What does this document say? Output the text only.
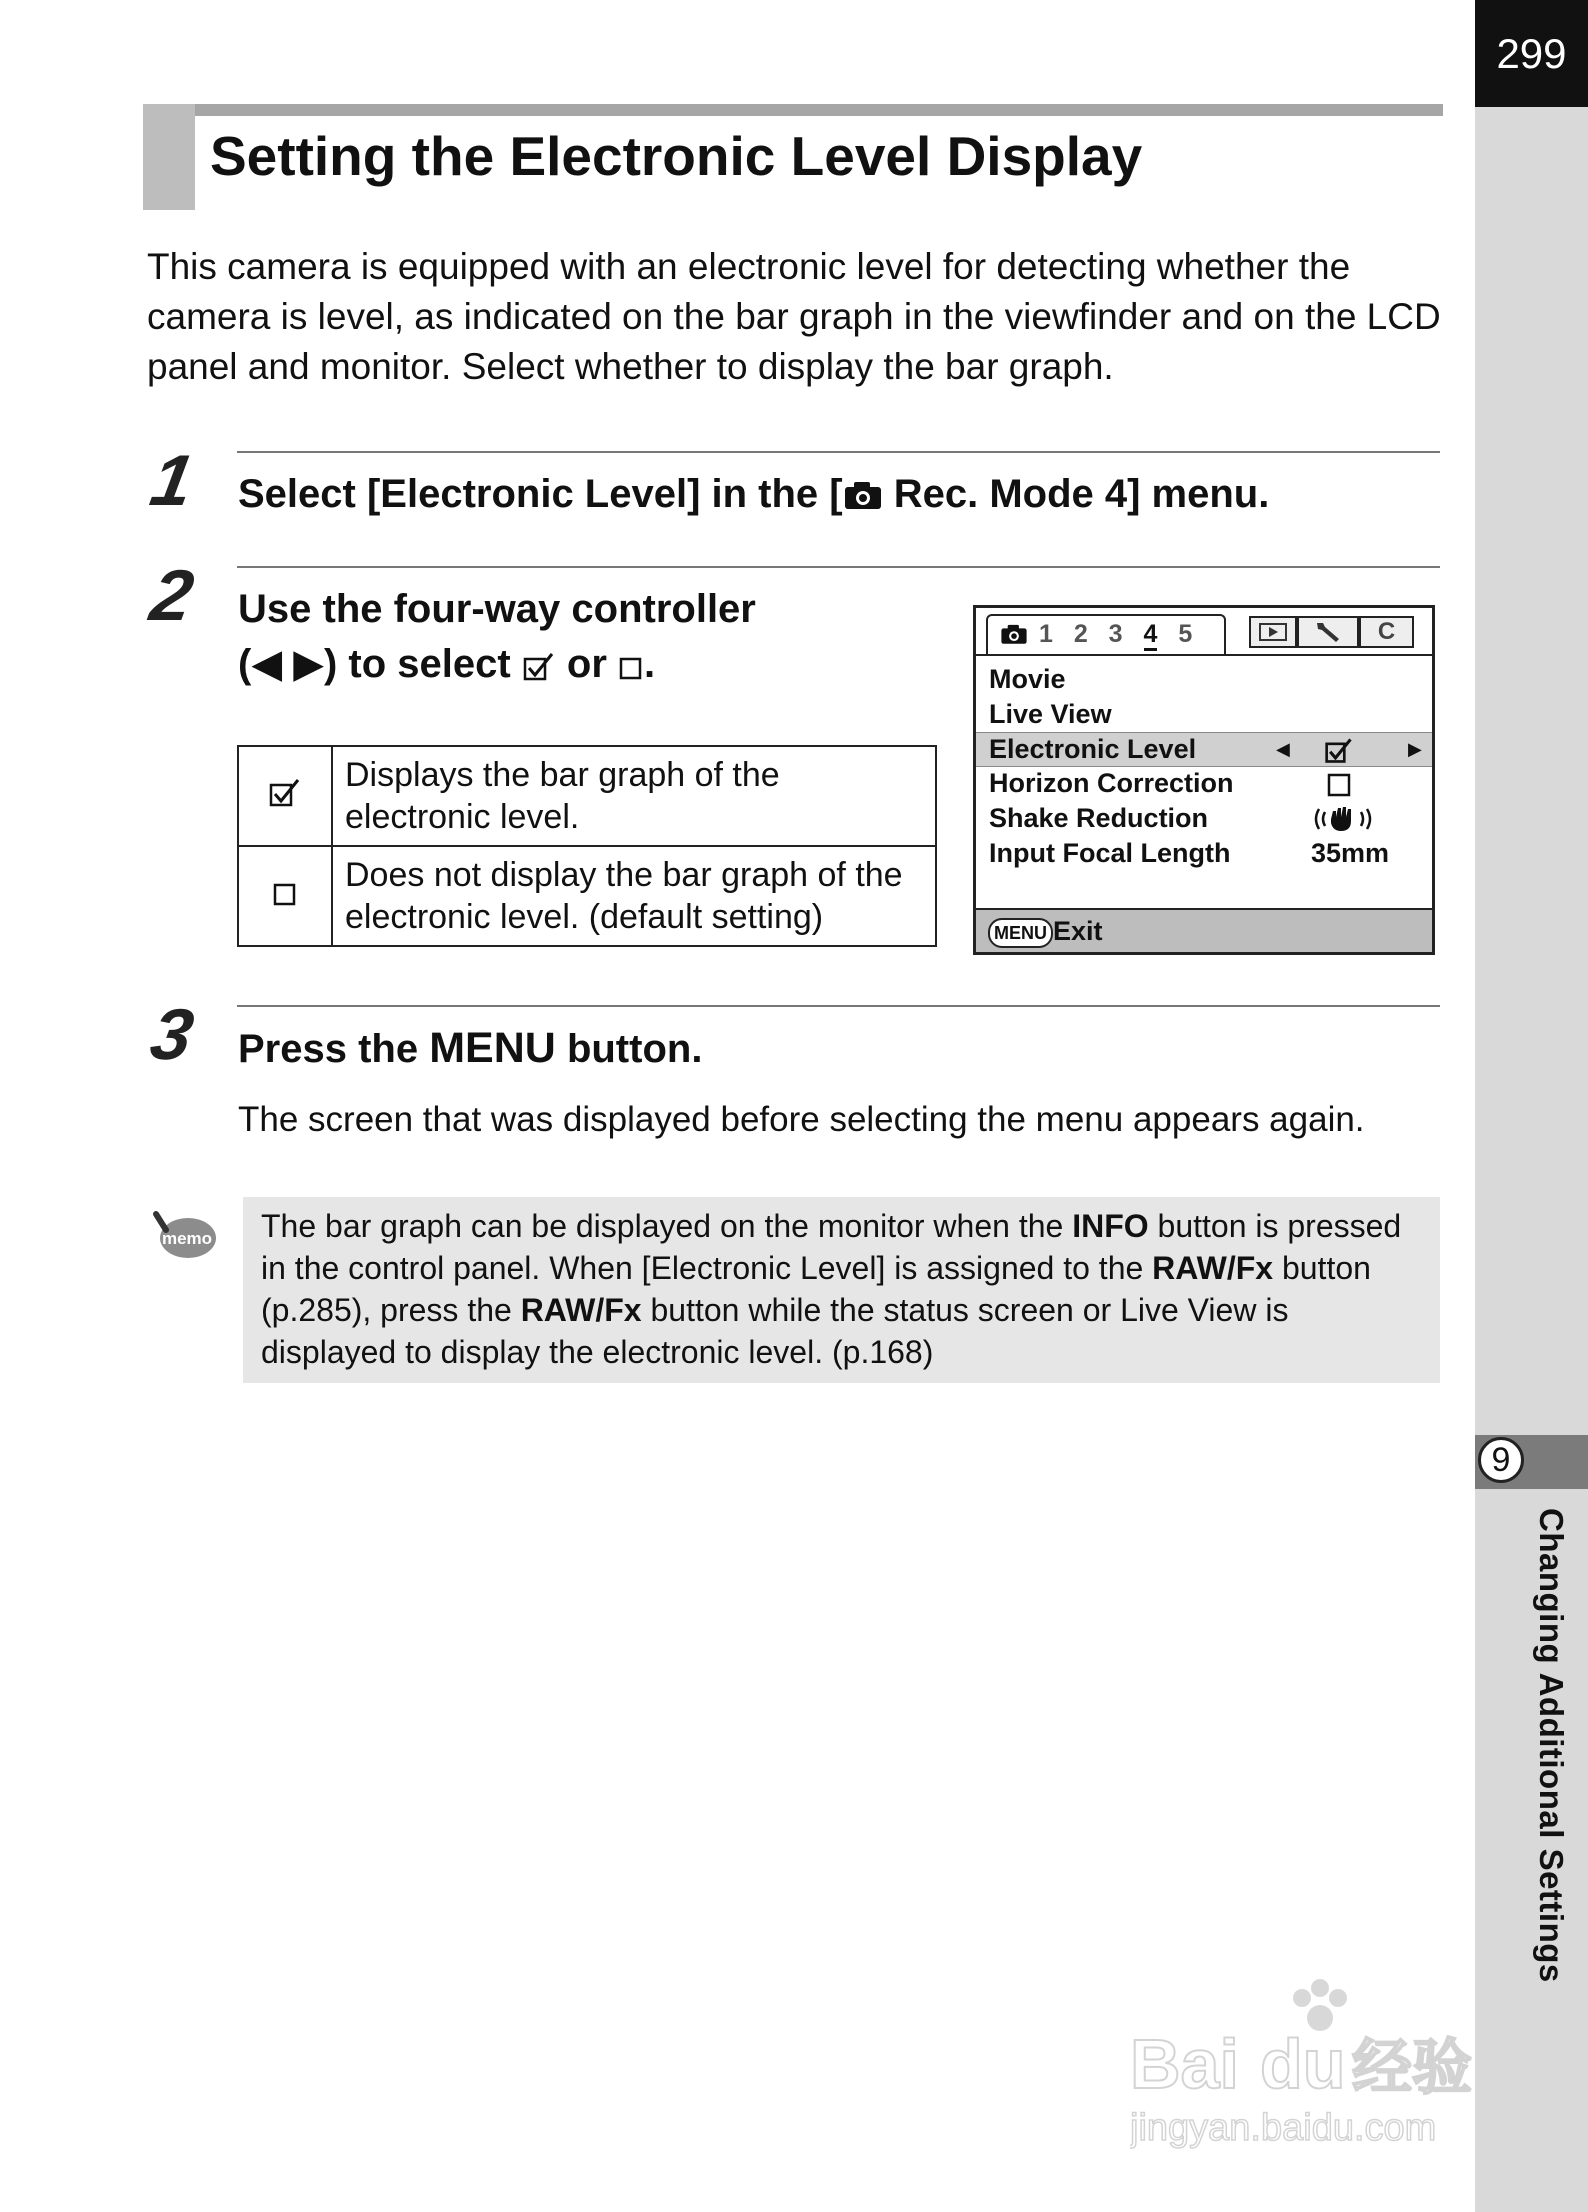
299
9
Changing Additional Settings
Setting the Electronic Level Display
This camera is equipped with an electronic level for detecting whether the camera is level, as indicated on the bar graph in the viewfinder and on the LCD panel and monitor. Select whether to display the bar graph.
1 Select [Electronic Level] in the [ Rec. Mode 4] menu.
2 Use the four-way controller
(◀ ▶) to select  or .
	Displays the bar graph of the electronic level.
	Does not display the bar graph of the electronic level. (default setting)
1 2 3 4 5	C
Movie
Live View
Electronic Level	◀	▶
Horizon Correction
Shake Reduction
Input Focal Length	35mm
MENU Exit
3 Press the MENU button.
The screen that was displayed before selecting the menu appears again.
memo	The bar graph can be displayed on the monitor when the INFO button is pressed in the control panel. When [Electronic Level] is assigned to the RAW/Fx button (p.285), press the RAW/Fx button while the status screen or Live View is displayed to display the electronic level. (p.168)
Bai du 经验
jingyan.baidu.com
